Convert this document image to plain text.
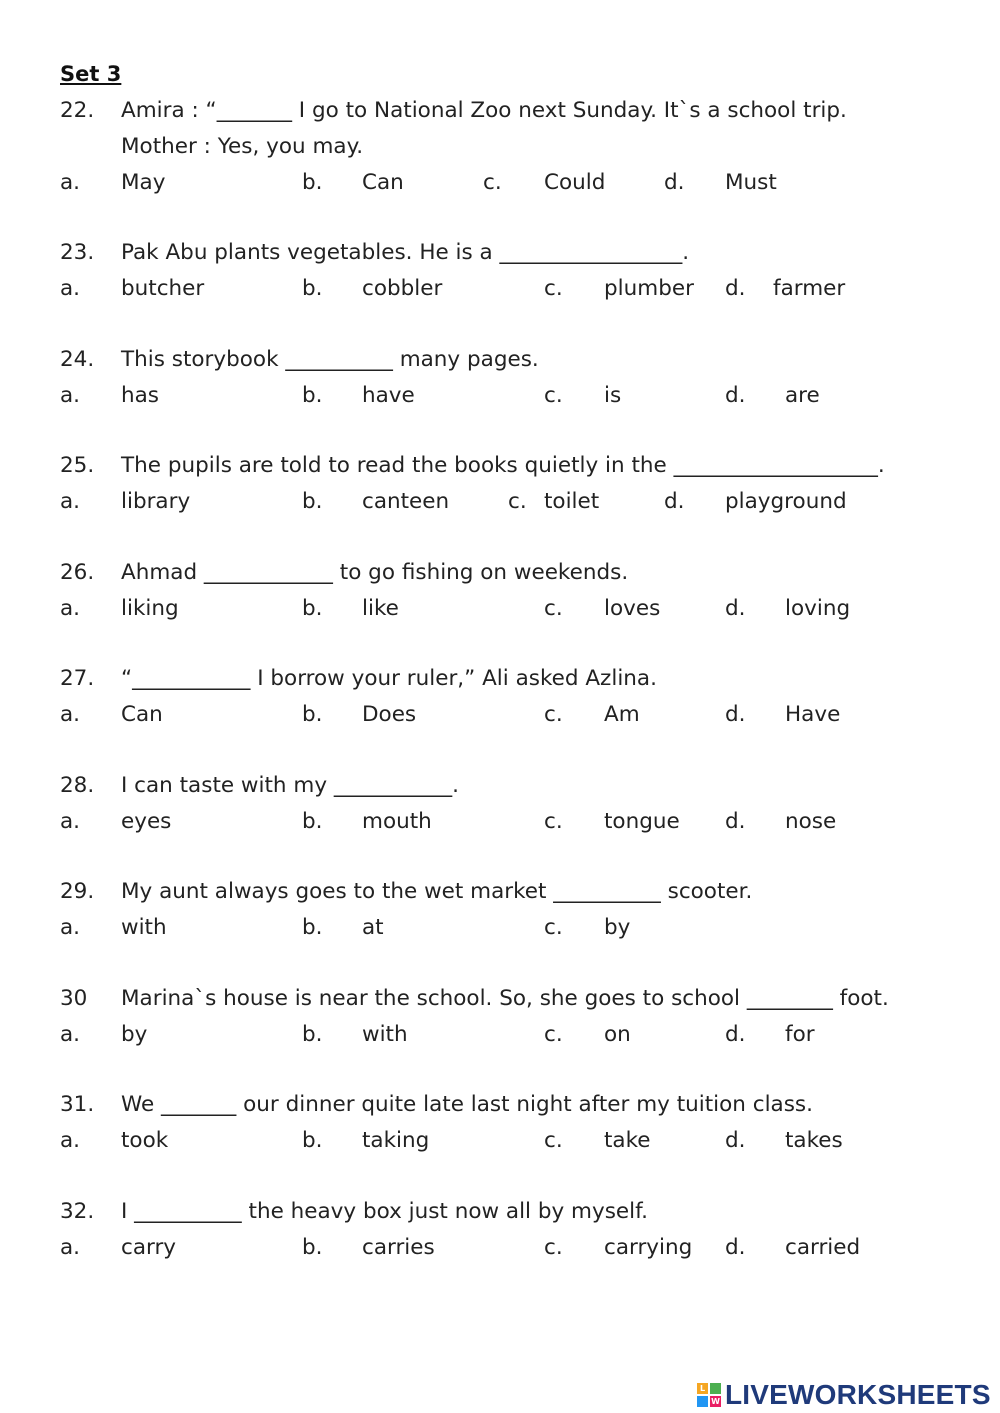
Set 3
22. Amira : “_______ I go to National Zoo next Sunday. It`s a school trip.
Mother : Yes, you may.
a. May	b. Can	c. Could	d. Must
23. Pak Abu plants vegetables. He is a _________________.
a. butcher	b. cobbler	c. plumber d. farmer
24. This storybook __________ many pages.
a. has	b. have	c. is	d. are
25. The pupils are told to read the books quietly in the ___________________.
a. library	b. canteen	c. toilet	d. playground
26. Ahmad ____________ to go fishing on weekends.
a. liking	b. like	c. loves	d. loving
27. “___________ I borrow your ruler,” Ali asked Azlina.
a. Can	b. Does	c. Am	d. Have
28. I can taste with my ___________.
a. eyes	b. mouth	c. tongue d. nose
29. My aunt always goes to the wet market __________ scooter.
a. with	b. at	c. by
30 Marina`s house is near the school. So, she goes to school ________ foot.
a. by	b. with	c. on	d. for
31. We _______ our dinner quite late last night after my tuition class.
a. took	b. taking	c. take	d. takes
32. I __________ the heavy box just now all by myself.
a. carry	b. carries	c. carrying d. carried
L
W LIVEWORKSHEETS
